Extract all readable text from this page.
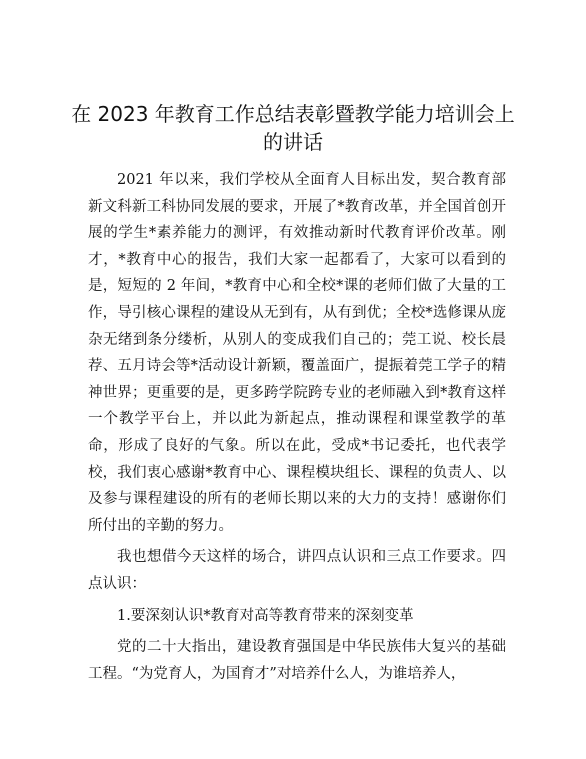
在 2023 年教育工作总结表彰暨教学能力培训会上的讲话

2021 年以来，我们学校从全面育人目标出发，契合教育部新文科新工科协同发展的要求，开展了*教育改革，并全国首创开展的学生*素养能力的测评，有效推动新时代教育评价改革。刚才，*教育中心的报告，我们大家一起都看了，大家可以看到的是，短短的 2 年间，*教育中心和全校*课的老师们做了大量的工作，导引核心课程的建设从无到有，从有到优；全校*选修课从庞杂无绪到条分缕析，从别人的变成我们自己的；莞工说、校长晨荐、五月诗会等*活动设计新颖，覆盖面广，提振着莞工学子的精神世界；更重要的是，更多跨学院跨专业的老师融入到*教育这样一个教学平台上，并以此为新起点，推动课程和课堂教学的革命，形成了良好的气象。所以在此，受成*书记委托，也代表学校，我们衷心感谢*教育中心、课程模块组长、课程的负责人、以及参与课程建设的所有的老师长期以来的大力的支持！感谢你们所付出的辛勤的努力。

我也想借今天这样的场合，讲四点认识和三点工作要求。四点认识：

1.要深刻认识*教育对高等教育带来的深刻变革

党的二十大指出，建设教育强国是中华民族伟大复兴的基础工程。“为党育人，为国育才”对培养什么人，为谁培养人，
